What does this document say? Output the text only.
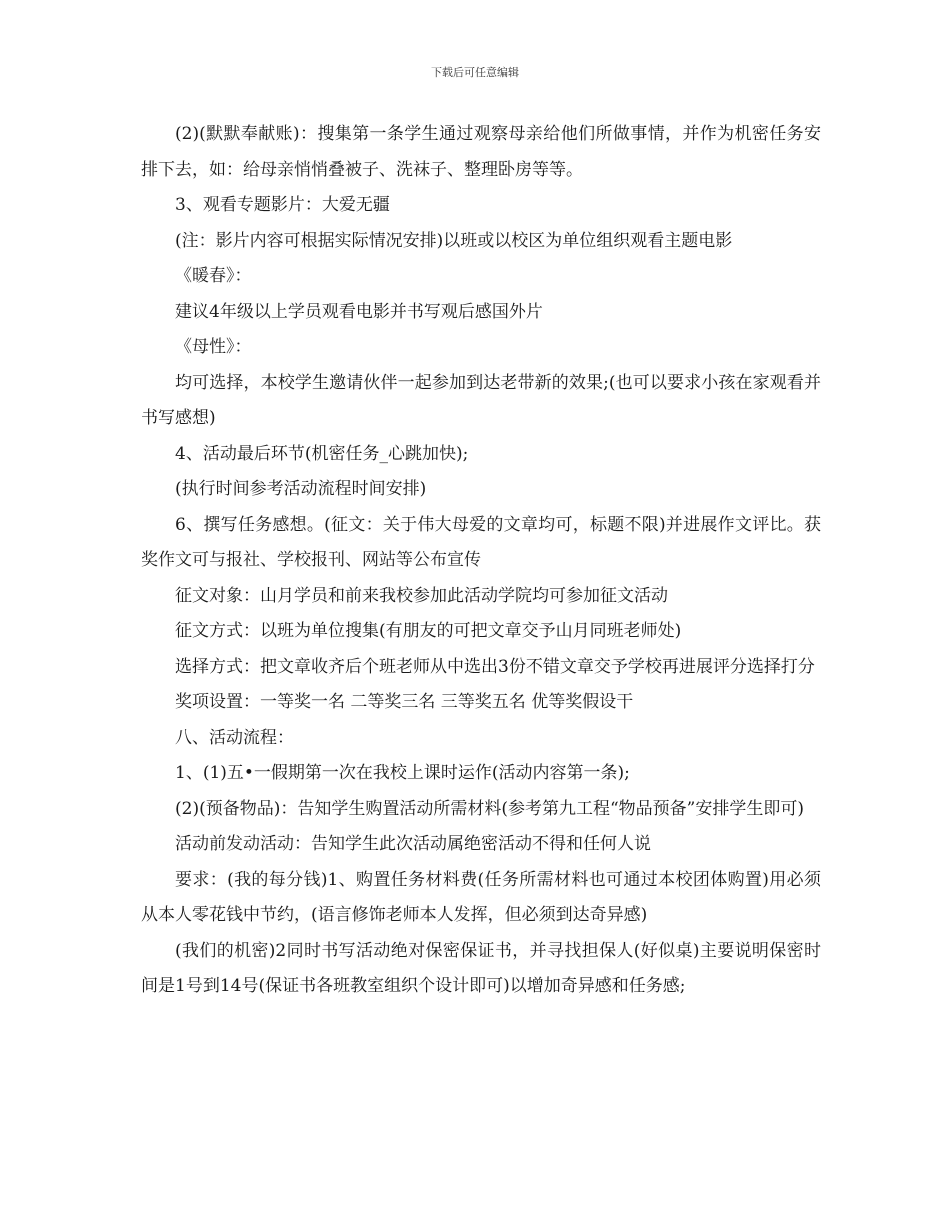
下载后可任意编辑

(2)(默默奉献账)：搜集第一条学生通过观察母亲给他们所做事情，并作为机密任务安排下去，如：给母亲悄悄叠被子、洗袜子、整理卧房等等。

3、观看专题影片：大爱无疆

(注：影片内容可根据实际情况安排)以班或以校区为单位组织观看主题电影

《暖春》：

建议4年级以上学员观看电影并书写观后感国外片

《母性》：

均可选择，本校学生邀请伙伴一起参加到达老带新的效果;(也可以要求小孩在家观看并书写感想)

4、活动最后环节(机密任务_心跳加快);

(执行时间参考活动流程时间安排)

6、撰写任务感想。(征文：关于伟大母爱的文章均可，标题不限)并进展作文评比。获奖作文可与报社、学校报刊、网站等公布宣传

征文对象：山月学员和前来我校参加此活动学院均可参加征文活动

征文方式：以班为单位搜集(有朋友的可把文章交予山月同班老师处)

选择方式：把文章收齐后个班老师从中选出3份不错文章交予学校再进展评分选择打分

奖项设置：一等奖一名 二等奖三名 三等奖五名 优等奖假设干

八、活动流程：

1、(1)五•一假期第一次在我校上课时运作(活动内容第一条);

(2)(预备物品)：告知学生购置活动所需材料(参考第九工程“物品预备”安排学生即可)

活动前发动活动：告知学生此次活动属绝密活动不得和任何人说

要求：(我的每分钱)1、购置任务材料费(任务所需材料也可通过本校团体购置)用必须从本人零花钱中节约，(语言修饰老师本人发挥，但必须到达奇异感)

(我们的机密)2同时书写活动绝对保密保证书，并寻找担保人(好似桌)主要说明保密时间是1号到14号(保证书各班教室组织个设计即可)以增加奇异感和任务感;
